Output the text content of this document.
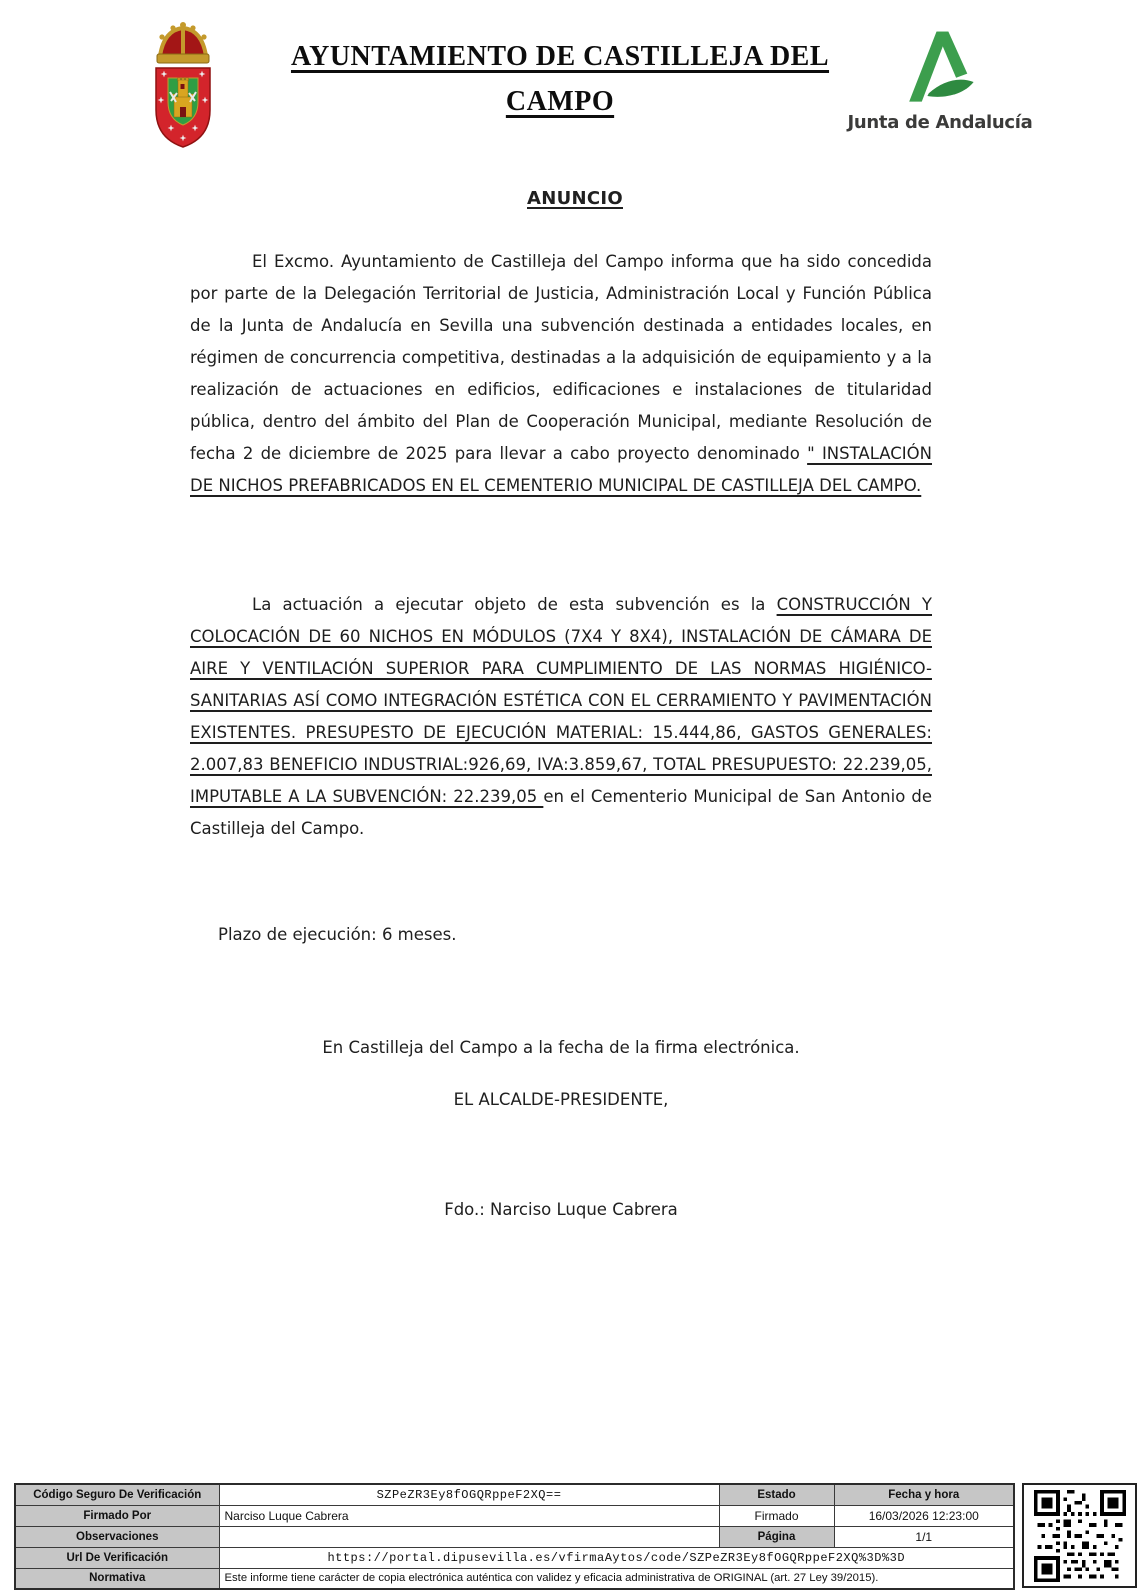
AYUNTAMIENTO DE CASTILLEJA DEL
CAMPO
Junta de Andalucía
ANUNCIO

El Excmo. Ayuntamiento de Castilleja del Campo informa que ha sido concedida por parte de la Delegación Territorial de Justicia, Administración Local y Función Pública de la Junta de Andalucía en Sevilla una subvención destinada a entidades locales, en régimen de concurrencia competitiva, destinadas a la adquisición de equipamiento y a la realización de actuaciones en edificios, edificaciones e instalaciones de titularidad pública, dentro del ámbito del Plan de Cooperación Municipal, mediante Resolución de fecha 2 de diciembre de 2025 para llevar a cabo proyecto denominado " INSTALACIÓN DE NICHOS PREFABRICADOS EN EL CEMENTERIO MUNICIPAL DE CASTILLEJA DEL CAMPO.

La actuación a ejecutar objeto de esta subvención es la CONSTRUCCIÓN Y COLOCACIÓN DE 60 NICHOS EN MÓDULOS (7X4 Y 8X4), INSTALACIÓN DE CÁMARA DE AIRE Y VENTILACIÓN SUPERIOR PARA CUMPLIMIENTO DE LAS NORMAS HIGIÉNICO-SANITARIAS ASÍ COMO INTEGRACIÓN ESTÉTICA CON EL CERRAMIENTO Y PAVIMENTACIÓN EXISTENTES. PRESUPESTO DE EJECUCIÓN MATERIAL: 15.444,86, GASTOS GENERALES: 2.007,83 BENEFICIO INDUSTRIAL:926,69, IVA:3.859,67, TOTAL PRESUPUESTO: 22.239,05, IMPUTABLE A LA SUBVENCIÓN: 22.239,05 en el Cementerio Municipal de San Antonio de Castilleja del Campo.

Plazo de ejecución: 6 meses.
En Castilleja del Campo a la fecha de la firma electrónica.
EL ALCALDE-PRESIDENTE,
Fdo.: Narciso Luque Cabrera
Código Seguro De Verificación	SZPeZR3Ey8fOGQRppeF2XQ==	Estado	Fecha y hora
Firmado Por	Narciso Luque Cabrera	Firmado	16/03/2026 12:23:00
Observaciones		Página	1/1
Url De Verificación	https://portal.dipusevilla.es/vfirmaAytos/code/SZPeZR3Ey8fOGQRppeF2XQ%3D%3D		
Normativa	Este informe tiene carácter de copia electrónica auténtica con validez y eficacia administrativa de ORIGINAL (art. 27 Ley 39/2015).		
